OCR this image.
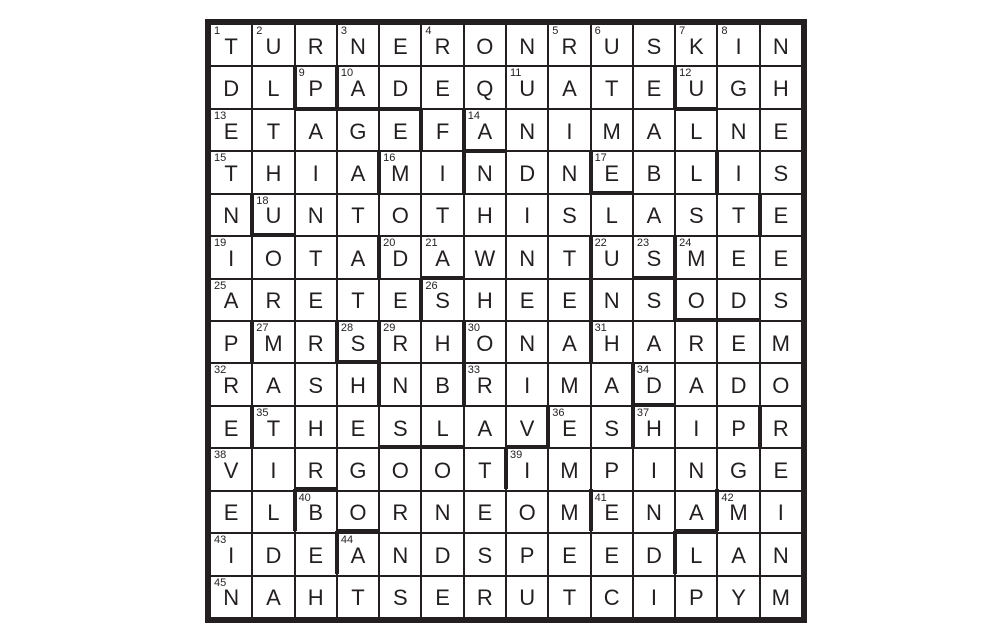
1
T
2
U R
3
N E
4
R O N
5
R
6
U S
7
K
8
I N
D L
9
P
10
A D E Q
11
U A T E
12
U G H
13
E T A G E F
14
A N I M A L N E
15
T H I A
16
M I N D N
17
E B L I S
N
18
U N T O T H I S L A S T E
19
I O T A
20
D
21
A W N T
22
U
23
S
24
M E E
25
A R E T E
26
S H E E N S O D S
P
27
M R
28
S
29
R H
30
O N A
31
H A R E M
32
R A S H N B
33
R I M A
34
D A D O
E
35
T H E S L A V
36
E S
37
H I P R
38
V I R G O O T
39
I M P I N G E
E L
40
B O R N E O M
41
E N A
42
M I
43
I D E
44
A N D S P E E D L A N
45
N A H T S E R U T C I P Y M
